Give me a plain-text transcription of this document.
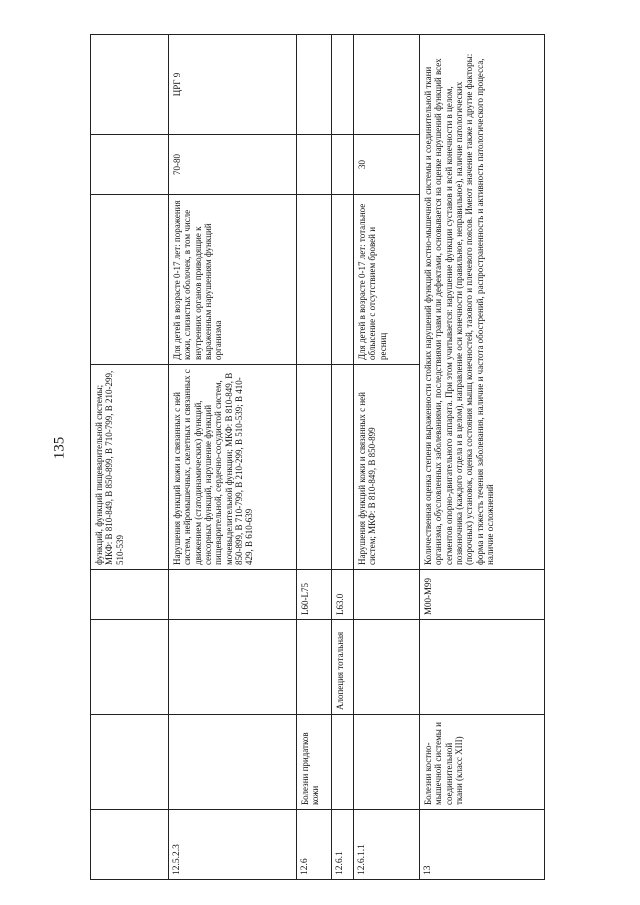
135
					функций, функций пищеварительной системы; МКФ: B 810-849, B 850-899, B 710-799, B 210-299, 510-539			
12.5.2.3				Нарушения функций кожи и связанных с ней систем, нейромышечных, скелетных и связанных с движением (статодинамических) функций, сенсорных функций, нарушение функций пищеварительной, сердечно-сосудистой систем, мочевыделительной функции; МКФ: B 810-849, B 850-899, B 710-799, B 210-299, B 510-539; B 410-429, B 610-639	Для детей в возрасте 0-17 лет: поражения кожи, слизистых оболочек, в том числе внутренних органов приводящие к выраженным нарушениям функций организма	70-80	ЦРГ 9
12.6	Болезни придатков кожи		L60-L75				
12.6.1		Алопеция тотальная	L63.0				
12.6.1.1				Нарушения функций кожи и связанных с ней систем; МКФ: B 810-849, B 850-899	Для детей в возрасте 0-17 лет: тотальное облысение с отсутствием бровей и ресниц	30	
13	Болезни костно-мышечной системы и соединительной ткани (класс XIII)		M00-M99	Количественная оценка степени выраженности стойких нарушений функций костно-мышечной системы и соединительной ткани организма, обусловленных заболеваниями, последствиями травм или дефектами, основывается на оценке нарушений функций всех сегментов опорно-двигательного аппарата. При этом учитывается: нарушение функции суставов и всей конечности в целом, позвоночника (каждого отдела и в целом), направление оси конечности (правильное, неправильное), наличие патологических (порочных) установок, оценка состояния мышц конечностей, тазового и плечевого поясов. Имеют значение также и другие факторы: форма и тяжесть течения заболевания, наличие и частота обострений, распространенность и активность патологического процесса, наличие осложнений			
